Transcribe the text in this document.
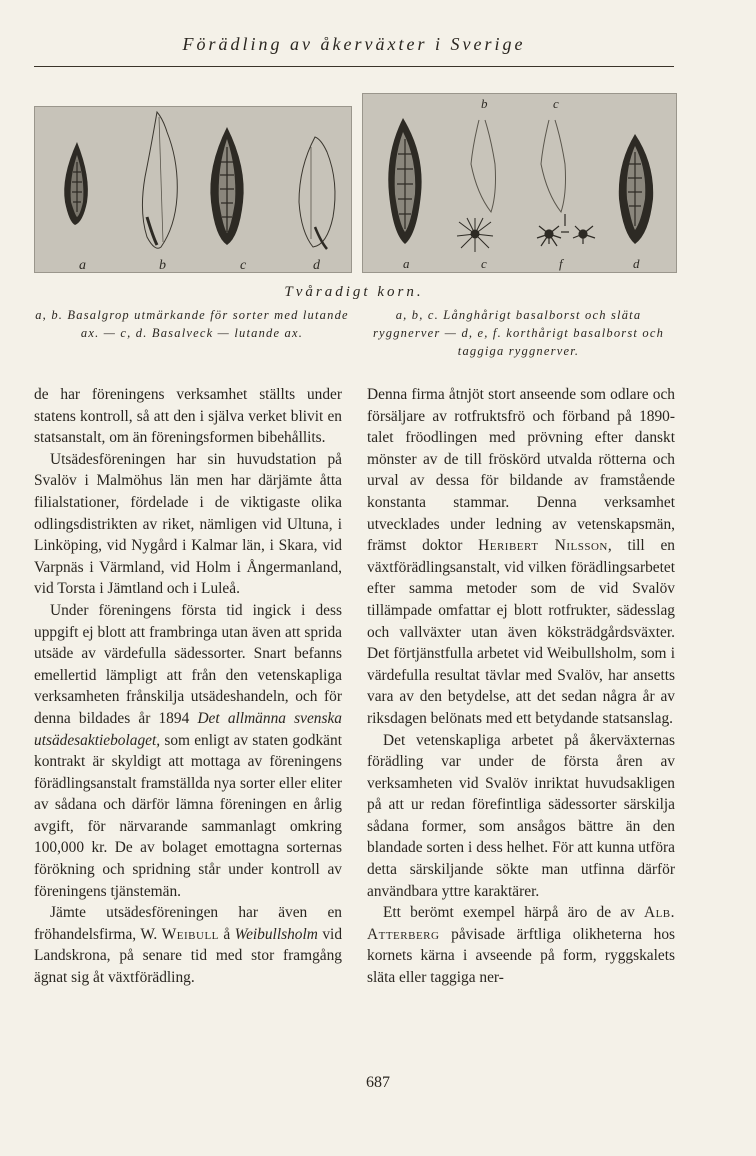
Förädling av åkerväxter i Sverige
a	b	c	d
b	c
a	c	f	d
Tvåradigt korn.
a, b. Basalgrop utmärkande för sorter med lutande ax. — c, d. Basalveck — lutande ax.
a, b, c. Långhårigt basalborst och släta ryggnerver — d, e, f. korthårigt basalborst och taggiga ryggnerver.

de har föreningens verksamhet ställts under statens kontroll, så att den i själva verket blivit en statsanstalt, om än föreningsformen bibehållits.

Utsädesföreningen har sin huvudstation på Svalöv i Malmöhus län men har därjämte åtta filialstationer, fördelade i de viktigaste olika odlingsdistrikten av riket, nämligen vid Ultuna, i Linköping, vid Nygård i Kalmar län, i Skara, vid Varpnäs i Värmland, vid Holm i Ångermanland, vid Torsta i Jämtland och i Luleå.

Under föreningens första tid ingick i dess uppgift ej blott att frambringa utan även att sprida utsäde av värdefulla sädessorter. Snart befanns emellertid lämpligt att från den vetenskapliga verksamheten frånskilja utsädeshandeln, och för denna bildades år 1894 Det allmänna svenska utsädesaktiebolaget, som enligt av staten godkänt kontrakt är skyldigt att mottaga av föreningens förädlingsanstalt framställda nya sorter eller eliter av sådana och därför lämna föreningen en årlig avgift, för närvarande sammanlagt omkring 100,000 kr. De av bolaget emottagna sorternas förökning och spridning står under kontroll av föreningens tjänstemän.

Jämte utsädesföreningen har även en fröhandelsfirma, W. Weibull å Weibullsholm vid Landskrona, på senare tid med stor framgång ägnat sig åt växtförädling.

Denna firma åtnjöt stort anseende som odlare och försäljare av rotfruktsfrö och förband på 1890-talet fröodlingen med prövning efter danskt mönster av de till fröskörd utvalda rötterna och urval av dessa för bildande av framstående konstanta stammar. Denna verksamhet utvecklades under ledning av vetenskapsmän, främst doktor Heribert Nilsson, till en växtförädlingsanstalt, vid vilken förädlingsarbetet efter samma metoder som de vid Svalöv tillämpade omfattar ej blott rotfrukter, sädesslag och vallväxter utan även köksträdgårdsväxter. Det förtjänstfulla arbetet vid Weibullsholm, som i värdefulla resultat tävlar med Svalöv, har ansetts vara av den betydelse, att det sedan några år av riksdagen belönats med ett betydande statsanslag.

Det vetenskapliga arbetet på åkerväxternas förädling var under de första åren av verksamheten vid Svalöv inriktat huvudsakligen på att ur redan förefintliga sädessorter särskilja sådana former, som ansågos bättre än den blandade sorten i dess helhet. För att kunna utföra detta särskiljande sökte man utfinna därför användbara yttre karaktärer.

Ett berömt exempel härpå äro de av Alb. Atterberg påvisade ärftliga olikheterna hos kornets kärna i avseende på form, ryggskalets släta eller taggiga ner-

687
